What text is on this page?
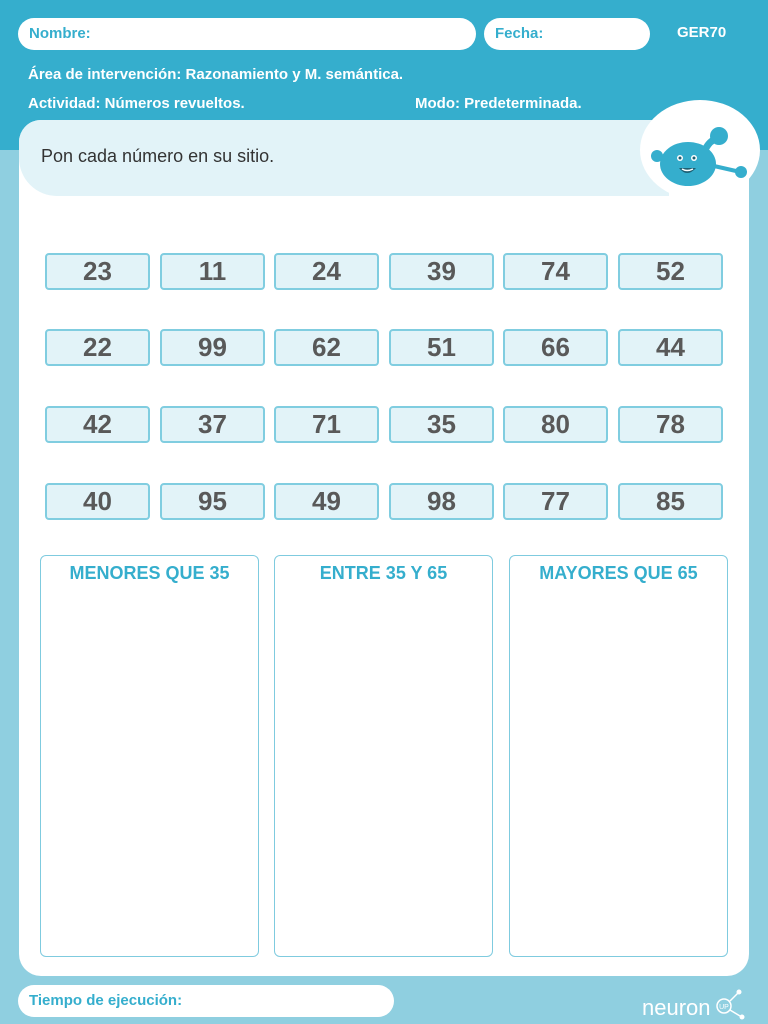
Nombre:	Fecha:	GER70
Área de intervención: Razonamiento y M. semántica.
Actividad: Números revueltos.	Modo: Predeterminada.
Pon cada número en su sitio.
23	11	24	39	74	52
22	99	62	51	66	44
42	37	71	35	80	78
40	95	49	98	77	85
MENORES QUE 35	ENTRE 35 Y 65	MAYORES QUE 65
Tiempo de ejecución:	neuron UP
